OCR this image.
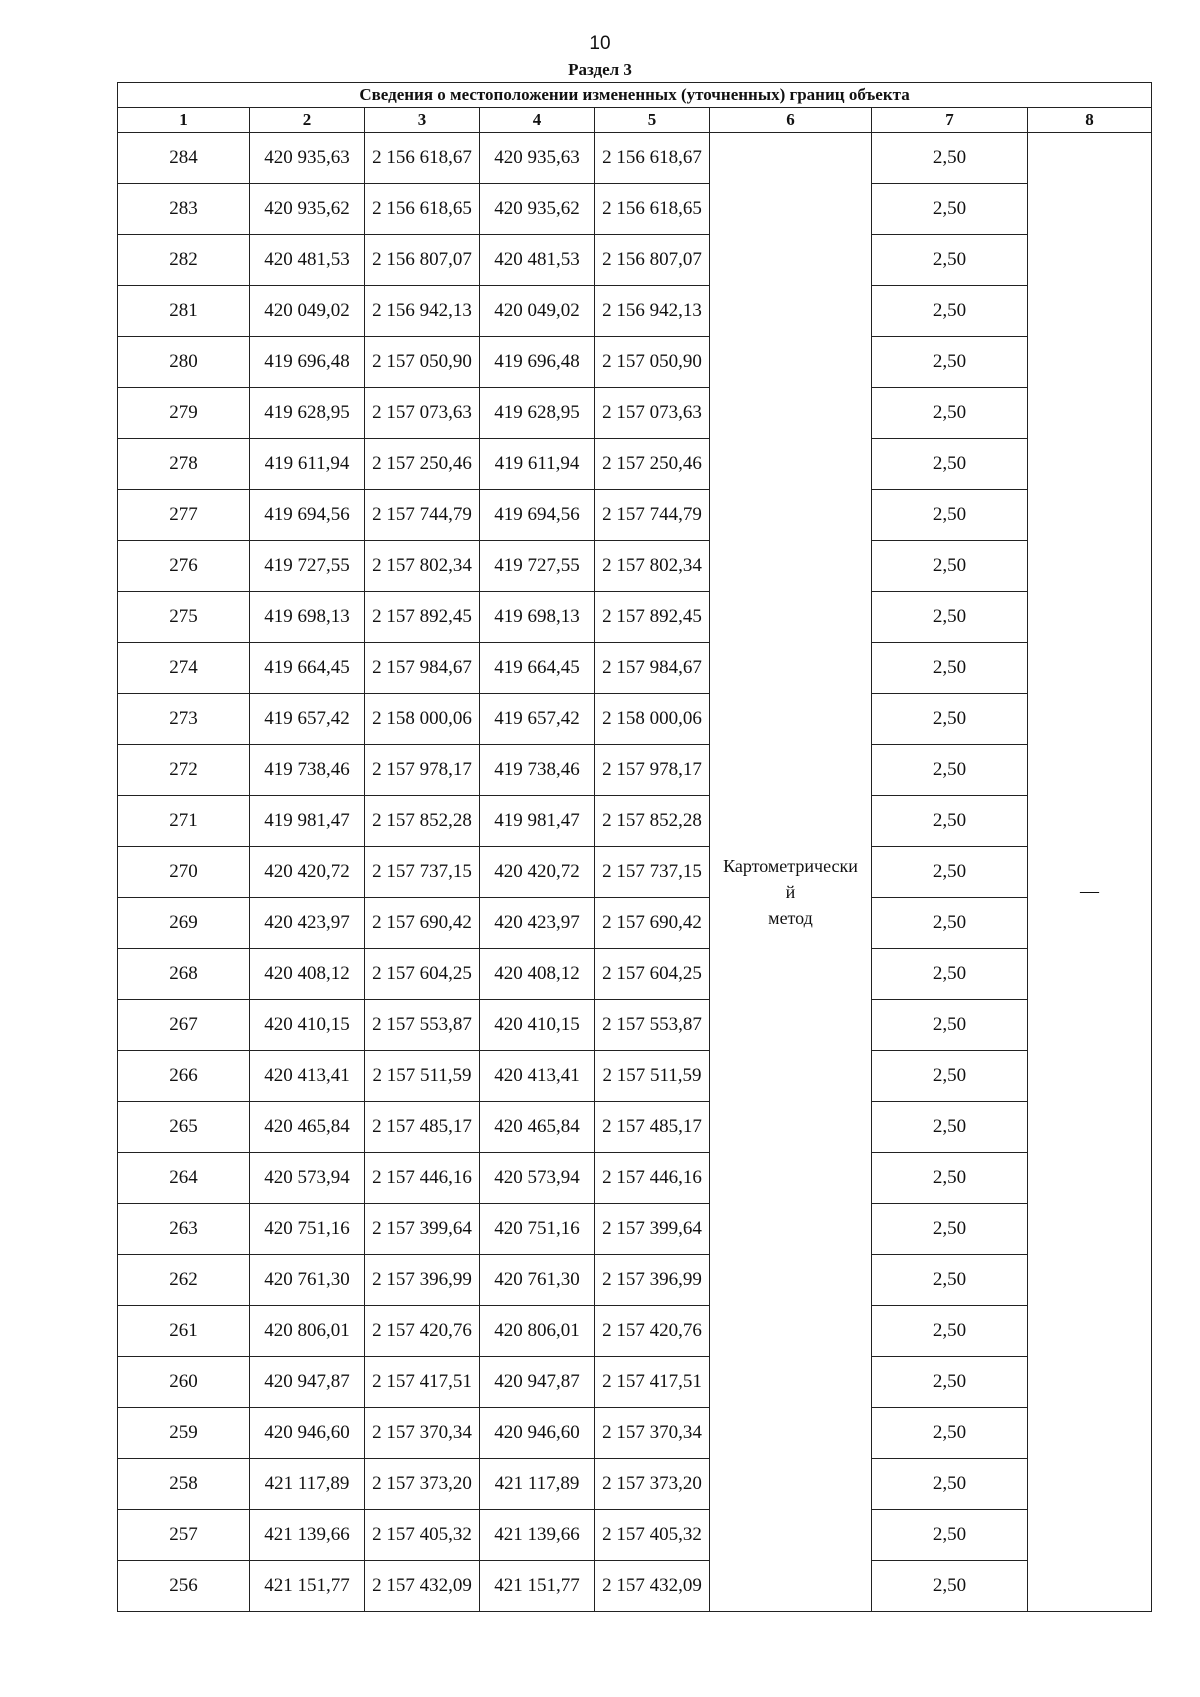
10
Раздел 3
Сведения о местоположении измененных (уточненных) границ объекта							
1	2	3	4	5	6	7	8
284	420 935,63	2 156 618,67	420 935,63	2 156 618,67	Картометрически
й
метод	2,50	—
283	420 935,62	2 156 618,65	420 935,62	2 156 618,65		2,50	
282	420 481,53	2 156 807,07	420 481,53	2 156 807,07		2,50	
281	420 049,02	2 156 942,13	420 049,02	2 156 942,13		2,50	
280	419 696,48	2 157 050,90	419 696,48	2 157 050,90		2,50	
279	419 628,95	2 157 073,63	419 628,95	2 157 073,63		2,50	
278	419 611,94	2 157 250,46	419 611,94	2 157 250,46		2,50	
277	419 694,56	2 157 744,79	419 694,56	2 157 744,79		2,50	
276	419 727,55	2 157 802,34	419 727,55	2 157 802,34		2,50	
275	419 698,13	2 157 892,45	419 698,13	2 157 892,45		2,50	
274	419 664,45	2 157 984,67	419 664,45	2 157 984,67		2,50	
273	419 657,42	2 158 000,06	419 657,42	2 158 000,06		2,50	
272	419 738,46	2 157 978,17	419 738,46	2 157 978,17		2,50	
271	419 981,47	2 157 852,28	419 981,47	2 157 852,28		2,50	
270	420 420,72	2 157 737,15	420 420,72	2 157 737,15		2,50	
269	420 423,97	2 157 690,42	420 423,97	2 157 690,42		2,50	
268	420 408,12	2 157 604,25	420 408,12	2 157 604,25		2,50	
267	420 410,15	2 157 553,87	420 410,15	2 157 553,87		2,50	
266	420 413,41	2 157 511,59	420 413,41	2 157 511,59		2,50	
265	420 465,84	2 157 485,17	420 465,84	2 157 485,17		2,50	
264	420 573,94	2 157 446,16	420 573,94	2 157 446,16		2,50	
263	420 751,16	2 157 399,64	420 751,16	2 157 399,64		2,50	
262	420 761,30	2 157 396,99	420 761,30	2 157 396,99		2,50	
261	420 806,01	2 157 420,76	420 806,01	2 157 420,76		2,50	
260	420 947,87	2 157 417,51	420 947,87	2 157 417,51		2,50	
259	420 946,60	2 157 370,34	420 946,60	2 157 370,34		2,50	
258	421 117,89	2 157 373,20	421 117,89	2 157 373,20		2,50	
257	421 139,66	2 157 405,32	421 139,66	2 157 405,32		2,50	
256	421 151,77	2 157 432,09	421 151,77	2 157 432,09		2,50	
